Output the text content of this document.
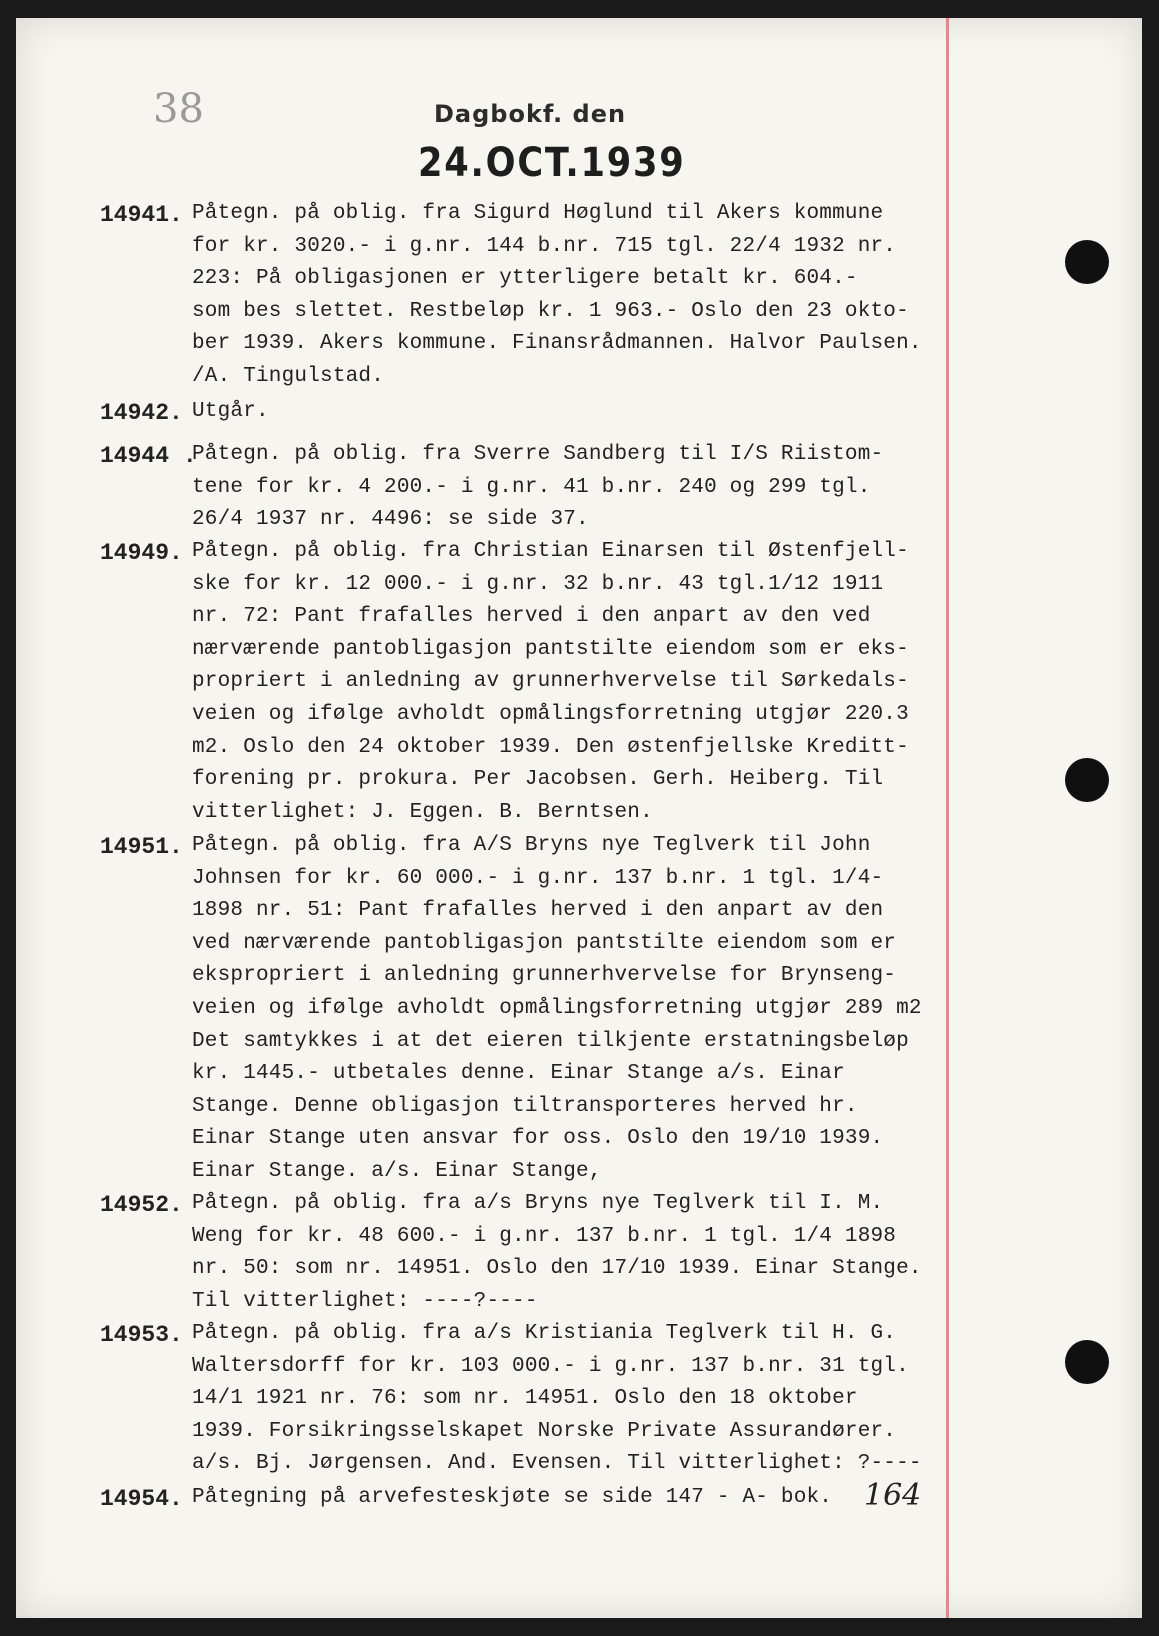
38	Dagbokf. den
24.OCT.1939
14941. Påtegn. på oblig. fra Sigurd Høglund til Akers kommune
for kr. 3020.- i g.nr. 144 b.nr. 715 tgl. 22/4 1932 nr.
223: På obligasjonen er ytterligere betalt kr. 604.-
som bes slettet. Restbeløp kr. 1 963.- Oslo den 23 okto-
ber 1939. Akers kommune. Finansrådmannen. Halvor Paulsen.
/A. Tingulstad.
14942. Utgår.
14944 .
Påtegn. på oblig. fra Sverre Sandberg til I/S Riistom-
tene for kr. 4 200.- i g.nr. 41 b.nr. 240 og 299 tgl.
26/4 1937 nr. 4496: se side 37.
14949. Påtegn. på oblig. fra Christian Einarsen til Østenfjell-
ske for kr. 12 000.- i g.nr. 32 b.nr. 43 tgl.1/12 1911
nr. 72: Pant frafalles herved i den anpart av den ved
nærværende pantobligasjon pantstilte eiendom som er eks-
propriert i anledning av grunnerhvervelse til Sørkedals-
veien og ifølge avholdt opmålingsforretning utgjør 220.3
m2. Oslo den 24 oktober 1939. Den østenfjellske Kreditt-
forening pr. prokura. Per Jacobsen. Gerh. Heiberg. Til
vitterlighet: J. Eggen. B. Berntsen.
14951. Påtegn. på oblig. fra A/S Bryns nye Teglverk til John
Johnsen for kr. 60 000.- i g.nr. 137 b.nr. 1 tgl. 1/4-
1898 nr. 51: Pant frafalles herved i den anpart av den
ved nærværende pantobligasjon pantstilte eiendom som er
ekspropriert i anledning grunnerhvervelse for Brynseng-
veien og ifølge avholdt opmålingsforretning utgjør 289 m2
Det samtykkes i at det eieren tilkjente erstatningsbeløp
kr. 1445.- utbetales denne. Einar Stange a/s. Einar
Stange. Denne obligasjon tiltransporteres herved hr.
Einar Stange uten ansvar for oss. Oslo den 19/10 1939.
Einar Stange. a/s. Einar Stange,
14952. Påtegn. på oblig. fra a/s Bryns nye Teglverk til I. M.
Weng for kr. 48 600.- i g.nr. 137 b.nr. 1 tgl. 1/4 1898
nr. 50: som nr. 14951. Oslo den 17/10 1939. Einar Stange.
Til vitterlighet: ----?----
14953. Påtegn. på oblig. fra a/s Kristiania Teglverk til H. G.
Waltersdorff for kr. 103 000.- i g.nr. 137 b.nr. 31 tgl.
14/1 1921 nr. 76: som nr. 14951. Oslo den 18 oktober
1939. Forsikringsselskapet Norske Private Assurandører.
a/s. Bj. Jørgensen. And. Evensen. Til vitterlighet: ?----
14954. Påtegning på arvefesteskjøte se side 147 - A- bok. 164
